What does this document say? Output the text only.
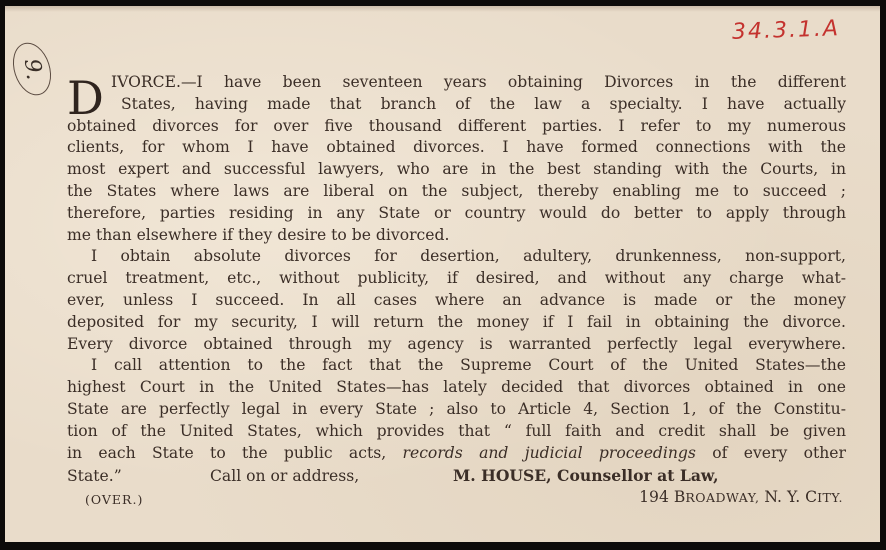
34.3.1.A
9.
D IVORCE.—I have been seventeen years obtaining Divorces in the different
States, having made that branch of the law a specialty. I have actually
obtained divorces for over five thousand different parties. I refer to my numerous
clients, for whom I have obtained divorces. I have formed connections with the
most expert and successful lawyers, who are in the best standing with the Courts, in
the States where laws are liberal on the subject, thereby enabling me to succeed ;
therefore, parties residing in any State or country would do better to apply through
me than elsewhere if they desire to be divorced.
I obtain absolute divorces for desertion, adultery, drunkenness, non-support,
cruel treatment, etc., without publicity, if desired, and without any charge what-
ever, unless I succeed. In all cases where an advance is made or the money
deposited for my security, I will return the money if I fail in obtaining the divorce.
Every divorce obtained through my agency is warranted perfectly legal everywhere.
I call attention to the fact that the Supreme Court of the United States—the
highest Court in the United States—has lately decided that divorces obtained in one
State are perfectly legal in every State ; also to Article 4, Section 1, of the Constitu-
tion of the United States, which provides that “ full faith and credit shall be given
in each State to the public acts, records and judicial proceedings of every other
State.”	Call on or address,	M. HOUSE, Counsellor at Law,
(OVER.)	194 BROADWAY, N. Y. CITY.
